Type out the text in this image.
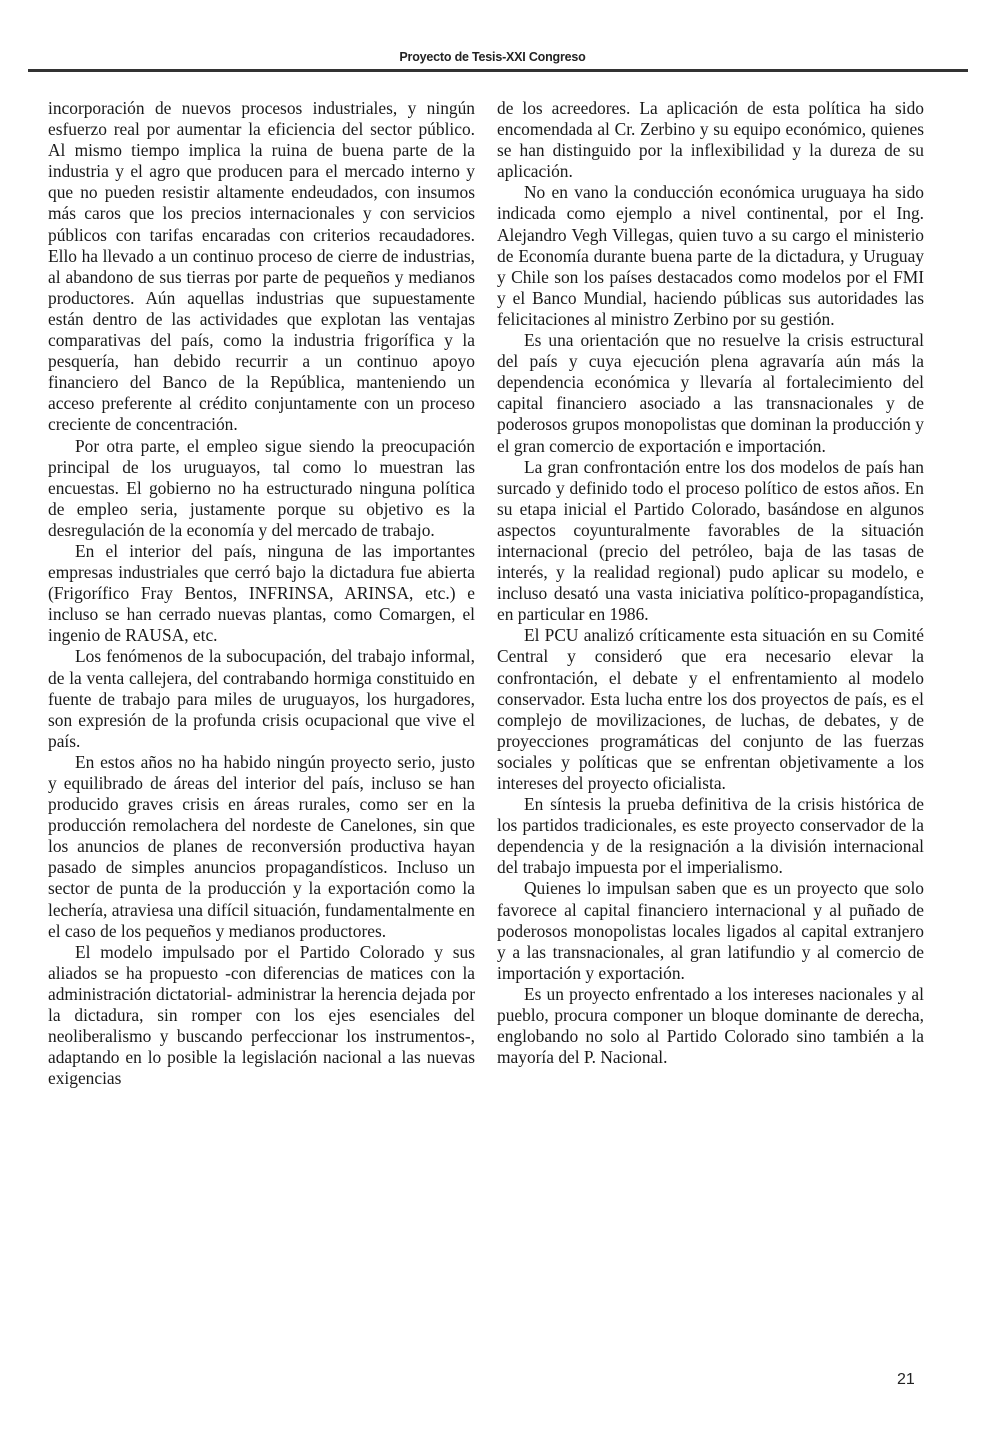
Proyecto de Tesis-XXI Congreso

incorporación de nuevos procesos industriales, y ningún esfuerzo real por aumentar la eficiencia del sector público. Al mismo tiempo implica la ruina de buena parte de la industria y el agro que producen para el mercado interno y que no pueden resistir altamente endeudados, con insumos más caros que los precios internacionales y con servicios públicos con tarifas encaradas con criterios recaudadores. Ello ha llevado a un continuo proceso de cierre de industrias, al abandono de sus tierras por parte de pequeños y medianos productores. Aún aquellas industrias que supuestamente están dentro de las actividades que explotan las ventajas comparativas del país, como la industria frigorífica y la pesquería, han debido recurrir a un continuo apoyo financiero del Banco de la República, manteniendo un acceso preferente al crédito conjuntamente con un proceso creciente de concentración.

Por otra parte, el empleo sigue siendo la preocupación principal de los uruguayos, tal como lo muestran las encuestas. El gobierno no ha estructurado ninguna política de empleo seria, justamente porque su objetivo es la desregulación de la economía y del mercado de trabajo.

En el interior del país, ninguna de las importantes empresas industriales que cerró bajo la dictadura fue abierta (Frigorífico Fray Bentos, INFRINSA, ARINSA, etc.) e incluso se han cerrado nuevas plantas, como Comargen, el ingenio de RAUSA, etc.

Los fenómenos de la subocupación, del trabajo informal, de la venta callejera, del contrabando hormiga constituido en fuente de trabajo para miles de uruguayos, los hurgadores, son expresión de la profunda crisis ocupacional que vive el país.

En estos años no ha habido ningún proyecto serio, justo y equilibrado de áreas del interior del país, incluso se han producido graves crisis en áreas rurales, como ser en la producción remolachera del nordeste de Canelones, sin que los anuncios de planes de reconversión productiva hayan pasado de simples anuncios propagandísticos. Incluso un sector de punta de la producción y la exportación como la lechería, atraviesa una difícil situación, fundamentalmente en el caso de los pequeños y medianos productores.

El modelo impulsado por el Partido Colorado y sus aliados se ha propuesto -con diferencias de matices con la administración dictatorial- administrar la herencia dejada por la dictadura, sin romper con los ejes esenciales del neoliberalismo y buscando perfeccionar los instrumentos-, adaptando en lo posible la legislación nacional a las nuevas exigencias

de los acreedores. La aplicación de esta política ha sido encomendada al Cr. Zerbino y su equipo económico, quienes se han distinguido por la inflexibilidad y la dureza de su aplicación.

No en vano la conducción económica uruguaya ha sido indicada como ejemplo a nivel continental, por el Ing. Alejandro Vegh Villegas, quien tuvo a su cargo el ministerio de Economía durante buena parte de la dictadura, y Uruguay y Chile son los países destacados como modelos por el FMI y el Banco Mundial, haciendo públicas sus autoridades las felicitaciones al ministro Zerbino por su gestión.

Es una orientación que no resuelve la crisis estructural del país y cuya ejecución plena agravaría aún más la dependencia económica y llevaría al fortalecimiento del capital financiero asociado a las transnacionales y de poderosos grupos monopolistas que dominan la producción y el gran comercio de exportación e importación.

La gran confrontación entre los dos modelos de país han surcado y definido todo el proceso político de estos años. En su etapa inicial el Partido Colorado, basándose en algunos aspectos coyunturalmente favorables de la situación internacional (precio del petróleo, baja de las tasas de interés, y la realidad regional) pudo aplicar su modelo, e incluso desató una vasta iniciativa político-propagandística, en particular en 1986.

El PCU analizó críticamente esta situación en su Comité Central y consideró que era necesario elevar la confrontación, el debate y el enfrentamiento al modelo conservador. Esta lucha entre los dos proyectos de país, es el complejo de movilizaciones, de luchas, de debates, y de proyecciones programáticas del conjunto de las fuerzas sociales y políticas que se enfrentan objetivamente a los intereses del proyecto oficialista.

En síntesis la prueba definitiva de la crisis histórica de los partidos tradicionales, es este proyecto conservador de la dependencia y de la resignación a la división internacional del trabajo impuesta por el imperialismo.

Quienes lo impulsan saben que es un proyecto que solo favorece al capital financiero internacional y al puñado de poderosos monopolistas locales ligados al capital extranjero y a las transnacionales, al gran latifundio y al comercio de importación y exportación.

Es un proyecto enfrentado a los intereses nacionales y al pueblo, procura componer un bloque dominante de derecha, englobando no solo al Partido Colorado sino también a la mayoría del P. Nacional.

21
